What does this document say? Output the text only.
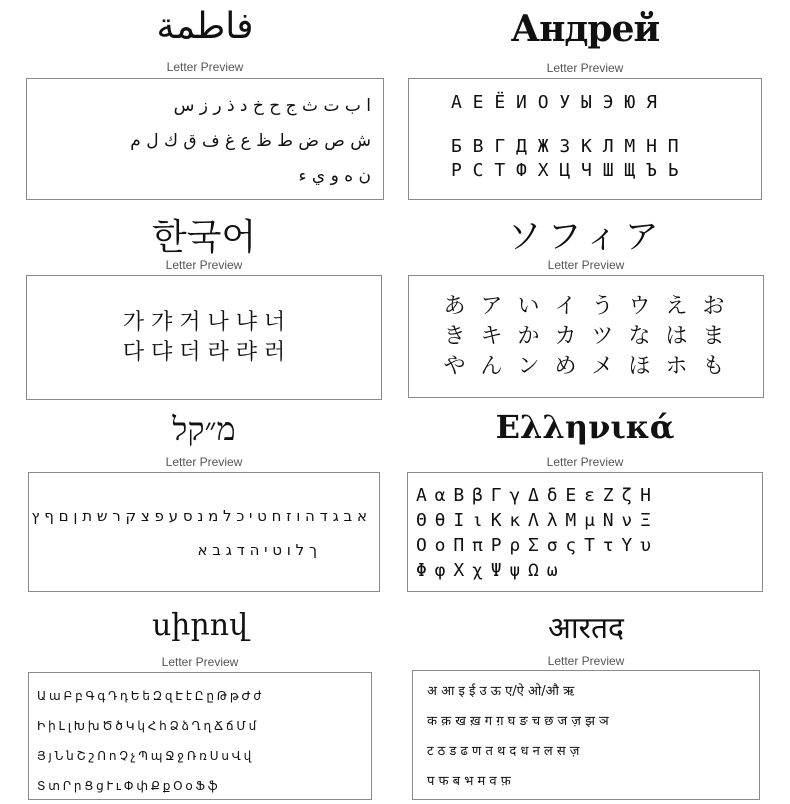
فاطمة
Letter Preview
ا ب ت ث ج ح خ د ذ ر ز س
ش ص ض ط ظ ع غ ف ق ك ل م
ن ه و ي ء
Андрей
Letter Preview
А Е Ё И О У Ы Э Ю Я
Б В Г Д Ж З К Л М Н П
Р С Т Ф Х Ц Ч Ш Щ Ъ Ь
한국어
Letter Preview
가 갸 거 나 냐 너
다 댜 더 라 랴 러
ソフィア
Letter Preview
あ ア い イ う ウ え お
き キ か カ ツ な は ま
や ん ン め メ ほ ホ も
מ״קל
Letter Preview
א ב ג ד ה ו ז ח ט י כ ל מ נ ס ע פ צ ק ר ש ת ן ם ף ץ
ך ל ו ט י ה ד ג ב א
Ελληνικά
Letter Preview
Α α Β β Γ γ Δ δ Ε ε Ζ ζ Η
Θ θ Ι ι Κ κ Λ λ Μ μ Ν ν Ξ
Ο ο Π π Ρ ρ Σ σ ς Τ τ Υ υ
Φ φ Χ χ Ψ ψ Ω ω
սիրով
Letter Preview
Ա ա Բ բ Գ գ Դ դ Ե ե Զ զ Է է Ը ը Թ թ Ժ ժ
Ի ի Լ լ Խ խ Ծ ծ Կ կ Հ հ Ձ ձ Ղ ղ Ճ ճ Մ մ
Յ յ Ն ն Շ շ Ո ո Չ չ Պ պ Ջ ջ Ռ ռ Ս ս Վ վ
Տ տ Ր ր Ց ց Ւ ւ Փ փ Ք ք Օ օ Ֆ ֆ
आरतद
Letter Preview
अ आ इ ई उ ऊ ए/ऐ ओ/औ ऋ
क क़ ख ख़ ग ग़ घ ङ च छ ज ज़ झ ञ
ट ठ ड ढ ण त थ द ध न ल स ज़
प फ ब भ म व फ़
